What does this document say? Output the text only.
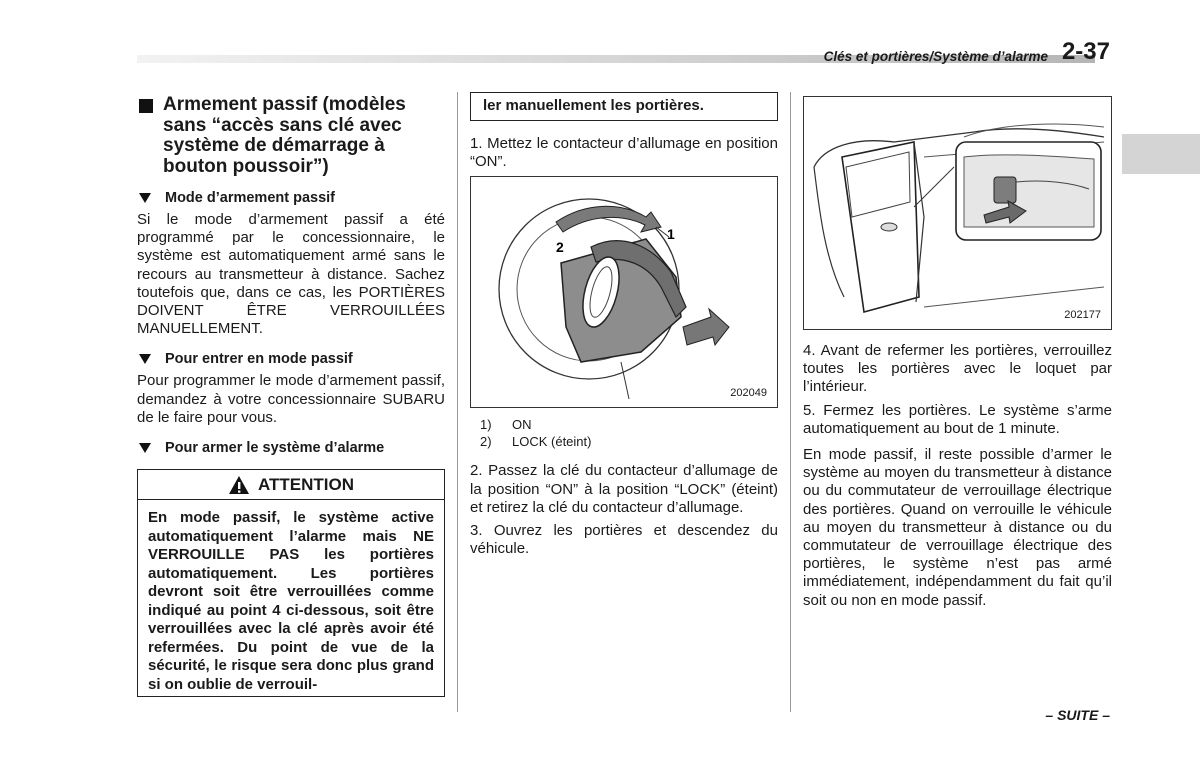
Clés et portières/Système d’alarme 2-37
Armement passif (modèles sans “accès sans clé avec système de démarrage à bouton poussoir”)
Mode d’armement passif

Si le mode d’armement passif a été programmé par le concessionnaire, le système est automatiquement armé sans le recours au transmetteur à distance. Sachez toutefois que, dans ce cas, les PORTIÈRES DOIVENT ÊTRE VERROUILLÉES MANUELLEMENT.

Pour entrer en mode passif

Pour programmer le mode d’armement passif, demandez à votre concessionnaire SUBARU de le faire pour vous.

Pour armer le système d’alarme
ATTENTION
En mode passif, le système active automatiquement l’alarme mais NE VERROUILLE PAS les portières automatiquement. Les portières devront soit être verrouillées comme indiqué au point 4 ci-dessous, soit être verrouillées avec la clé après avoir été refermées. Du point de vue de la sécurité, le risque sera donc plus grand si on oublie de verrouil-
ler manuellement les portières.

1. Mettez le contacteur d’allumage en position “ON”.

1
2
202049
1) ON
2) LOCK (éteint)

2. Passez la clé du contacteur d’allumage de la position “ON” à la position “LOCK” (éteint) et retirez la clé du contacteur d’allumage.

3. Ouvrez les portières et descendez du véhicule.

202177

4. Avant de refermer les portières, verrouillez toutes les portières avec le loquet par l’intérieur.

5. Fermez les portières. Le système s’arme automatiquement au bout de 1 minute.

En mode passif, il reste possible d’armer le système au moyen du transmetteur à distance ou du commutateur de verrouillage électrique des portières. Quand on verrouille le véhicule au moyen du transmetteur à distance ou du commutateur de verrouillage électrique des portières, le système n’est pas armé immédiatement, indépendamment du fait qu’il soit ou non en mode passif.

– SUITE –
